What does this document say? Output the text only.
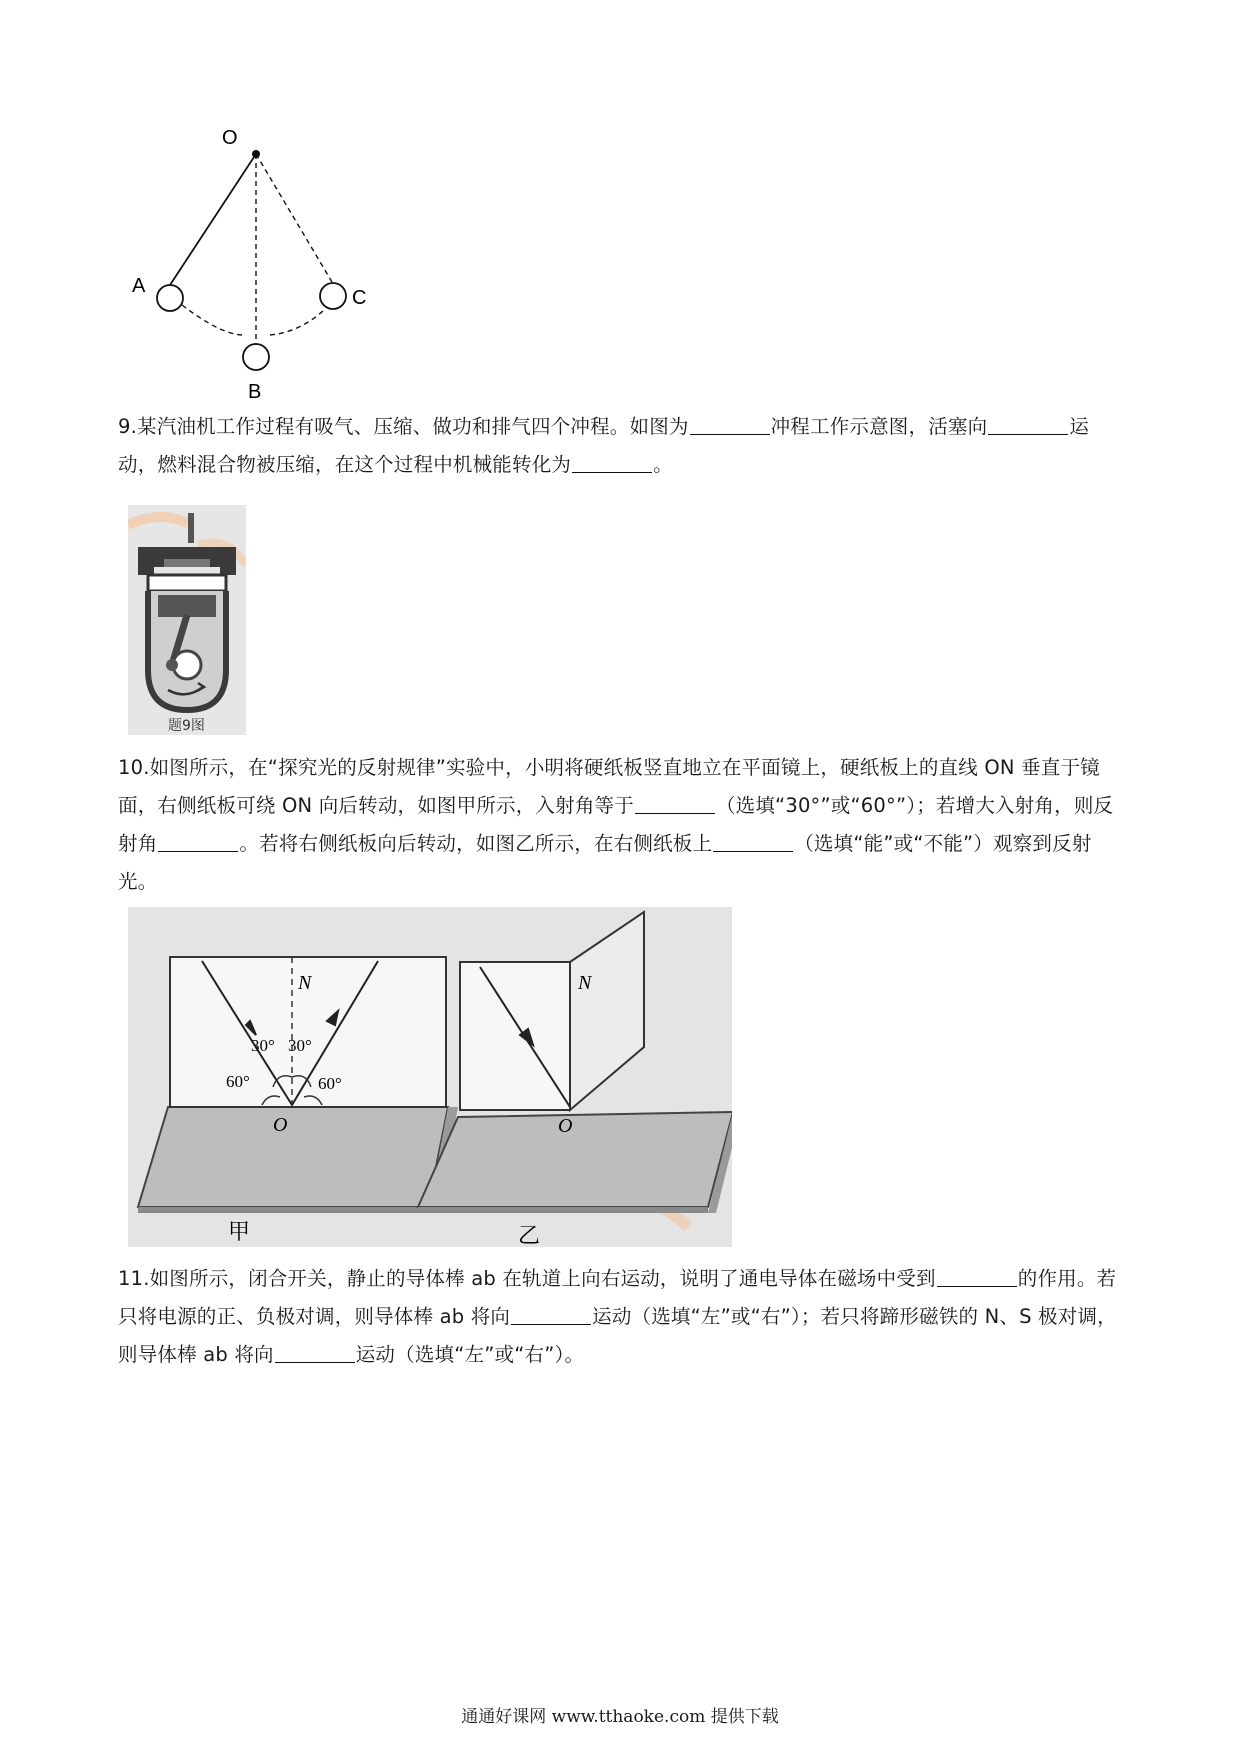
O
A
B
C
9.某汽油机工作过程有吸气、压缩、做功和排气四个冲程。如图为	冲程工作示意图，活塞向	运动，燃料混合物被压缩，在这个过程中机械能转化为	。
题9图
10.如图所示，在“探究光的反射规律”实验中，小明将硬纸板竖直地立在平面镜上，硬纸板上的直线 ON 垂直于镜面，右侧纸板可绕 ON 向后转动，如图甲所示，入射角等于	（选填“30°”或“60°”）；若增大入射角，则反射角	。若将右侧纸板向后转动，如图乙所示，在右侧纸板上	（选填“能”或“不能”）观察到反射光。
N
30° 30°
60°	60°
O
甲
N
O
乙
11.如图所示，闭合开关，静止的导体棒 ab 在轨道上向右运动，说明了通电导体在磁场中受到	的作用。若只将电源的正、负极对调，则导体棒 ab 将向	运动（选填“左”或“右”）；若只将蹄形磁铁的 N、S 极对调，则导体棒 ab 将向	运动（选填“左”或“右”）。
通通好课网 www.tthaoke.com 提供下载
